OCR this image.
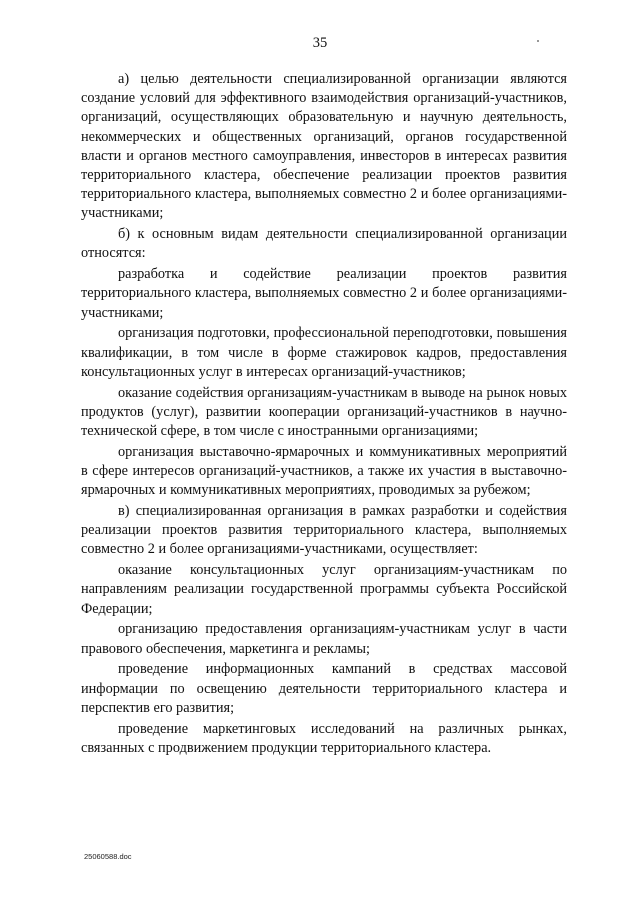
35

а) целью деятельности специализированной организации являются создание условий для эффективного взаимодействия организаций-участников, организаций, осуществляющих образовательную и научную деятельность, некоммерческих и общественных организаций, органов государственной власти и органов местного самоуправления, инвесторов в интересах развития территориального кластера, обеспечение реализации проектов развития территориального кластера, выполняемых совместно 2 и более организациями-участниками;

б) к основным видам деятельности специализированной организации относятся:

разработка и содействие реализации проектов развития территориального кластера, выполняемых совместно 2 и более организациями-участниками;

организация подготовки, профессиональной переподготовки, повышения квалификации, в том числе в форме стажировок кадров, предоставления консультационных услуг в интересах организаций-участников;

оказание содействия организациям-участникам в выводе на рынок новых продуктов (услуг), развитии кооперации организаций-участников в научно-технической сфере, в том числе с иностранными организациями;

организация выставочно-ярмарочных и коммуникативных мероприятий в сфере интересов организаций-участников, а также их участия в выставочно-ярмарочных и коммуникативных мероприятиях, проводимых за рубежом;

в) специализированная организация в рамках разработки и содействия реализации проектов развития территориального кластера, выполняемых совместно 2 и более организациями-участниками, осуществляет:

оказание консультационных услуг организациям-участникам по направлениям реализации государственной программы субъекта Российской Федерации;

организацию предоставления организациям-участникам услуг в части правового обеспечения, маркетинга и рекламы;

проведение информационных кампаний в средствах массовой информации по освещению деятельности территориального кластера и перспектив его развития;

проведение маркетинговых исследований на различных рынках, связанных с продвижением продукции территориального кластера.

25060588.doc
